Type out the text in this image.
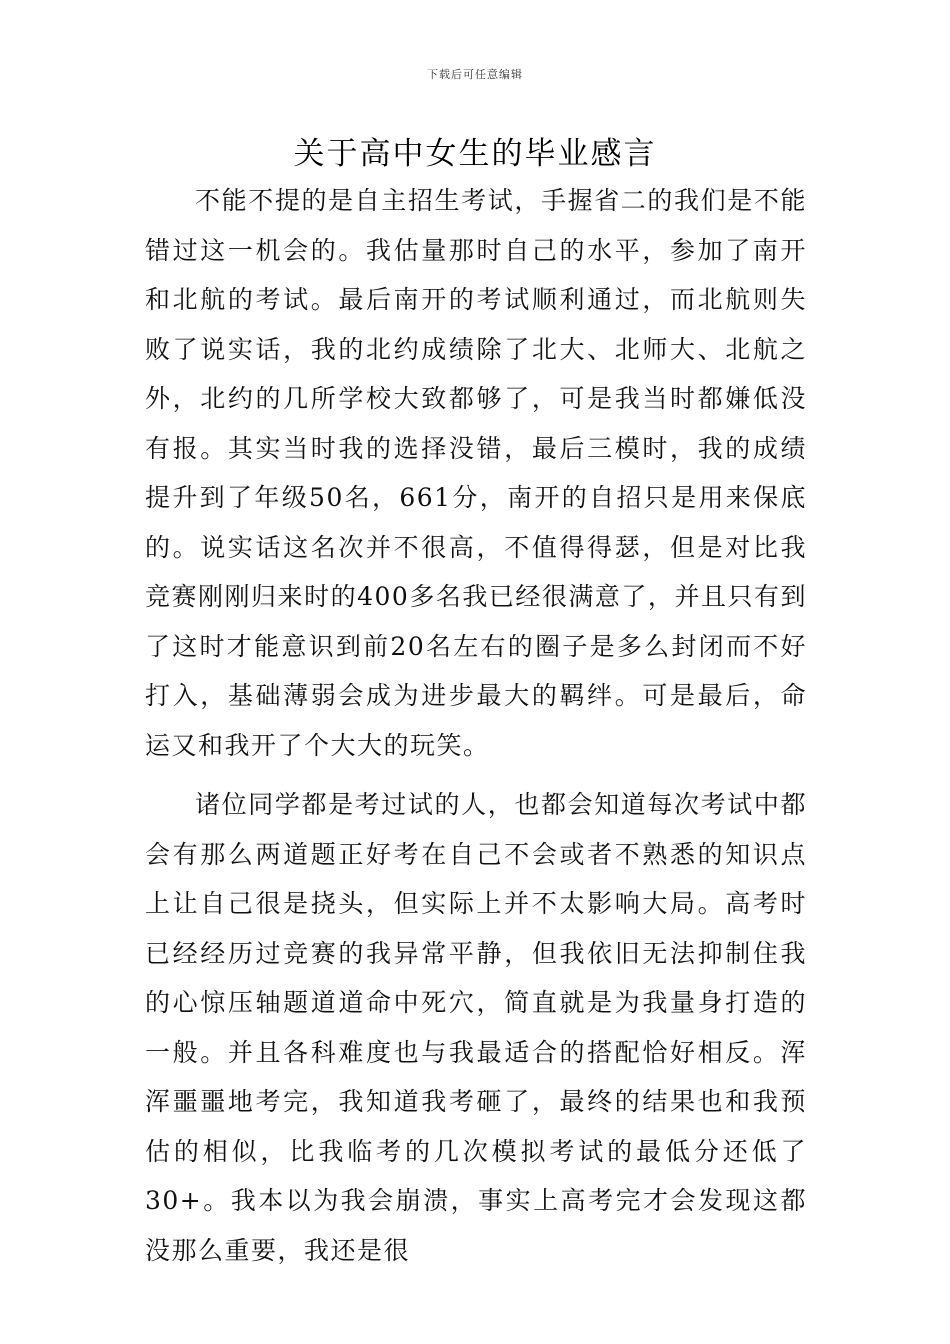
下载后可任意编辑
关于高中女生的毕业感言

不能不提的是自主招生考试，手握省二的我们是不能错过这一机会的。我估量那时自己的水平，参加了南开和北航的考试。最后南开的考试顺利通过，而北航则失败了说实话，我的北约成绩除了北大、北师大、北航之外，北约的几所学校大致都够了，可是我当时都嫌低没有报。其实当时我的选择没错，最后三模时，我的成绩提升到了年级50名，661分，南开的自招只是用来保底的。说实话这名次并不很高，不值得得瑟，但是对比我竞赛刚刚归来时的400多名我已经很满意了，并且只有到了这时才能意识到前20名左右的圈子是多么封闭而不好打入，基础薄弱会成为进步最大的羁绊。可是最后，命运又和我开了个大大的玩笑。

诸位同学都是考过试的人，也都会知道每次考试中都会有那么两道题正好考在自己不会或者不熟悉的知识点上让自己很是挠头，但实际上并不太影响大局。高考时已经经历过竞赛的我异常平静，但我依旧无法抑制住我的心惊压轴题道道命中死穴，简直就是为我量身打造的一般。并且各科难度也与我最适合的搭配恰好相反。浑浑噩噩地考完，我知道我考砸了，最终的结果也和我预估的相似，比我临考的几次模拟考试的最低分还低了30+。我本以为我会崩溃，事实上高考完才会发现这都没那么重要，我还是很
